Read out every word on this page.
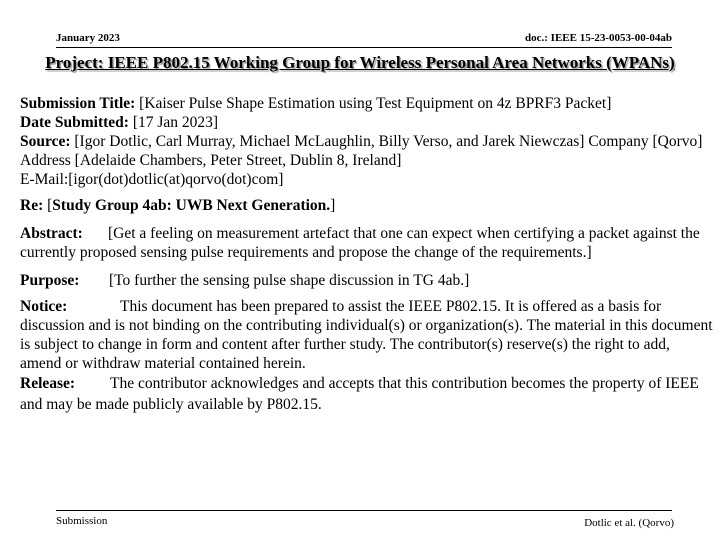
January 2023	doc.: IEEE 15-23-0053-00-04ab
Project: IEEE P802.15 Working Group for Wireless Personal Area Networks (WPANs)

Submission Title: [Kaiser Pulse Shape Estimation using Test Equipment on 4z BPRF3 Packet]

Date Submitted: [17 Jan 2023]

Source: [Igor Dotlic, Carl Murray, Michael McLaughlin, Billy Verso, and Jarek Niewczas] Company [Qorvo]

Address [Adelaide Chambers, Peter Street, Dublin 8, Ireland]

E-Mail:[igor(dot)dotlic(at)qorvo(dot)com]

Re: [Study Group 4ab: UWB Next Generation.]

Abstract: [Get a feeling on measurement artefact that one can expect when certifying a packet against the currently proposed sensing pulse requirements and propose the change of the requirements.]

Purpose: [To further the sensing pulse shape discussion in TG 4ab.]

Notice:	This document has been prepared to assist the IEEE P802.15. It is offered as a basis for discussion and is not binding on the contributing individual(s) or organization(s). The material in this document is subject to change in form and content after further study. The contributor(s) reserve(s) the right to add, amend or withdraw material contained herein.

Release: The contributor acknowledges and accepts that this contribution becomes the property of IEEE and may be made publicly available by P802.15.

Submission	Dotlic et al. (Qorvo)
